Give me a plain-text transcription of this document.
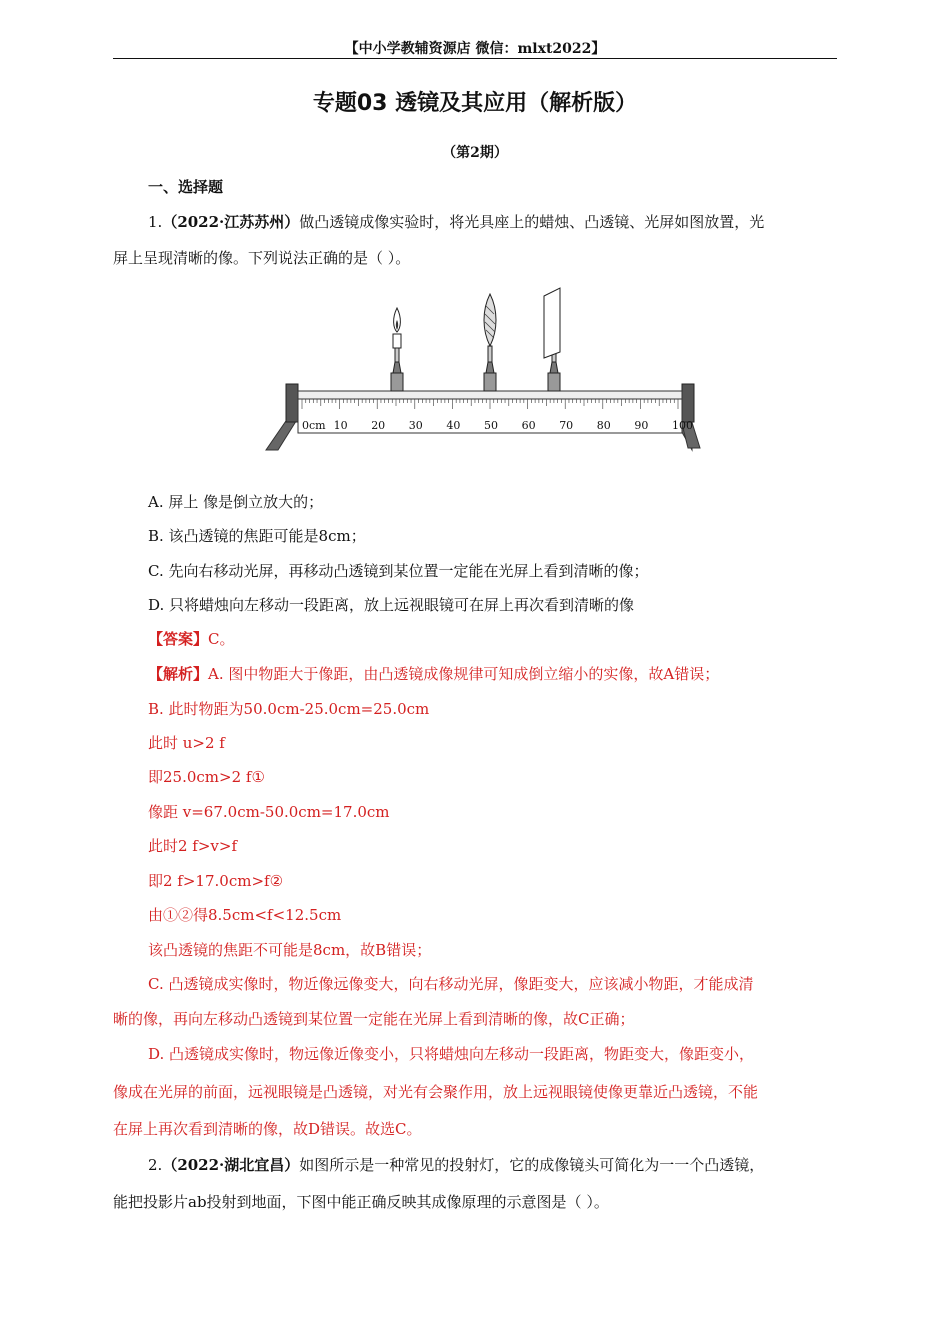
【中小学教辅资源店 微信：mlxt2022】
专题03 透镜及其应用（解析版）
（第2期）
一、选择题
1.（2022·江苏苏州）做凸透镜成像实验时，将光具座上的蜡烛、凸透镜、光屏如图放置，光
屏上呈现清晰的像。下列说法正确的是（ ）。
0cm 10 20 30 40 50 60 70 80 90 100
A. 屏上 像是倒立放大的；
B. 该凸透镜的焦距可能是8cm；
C. 先向右移动光屏，再移动凸透镜到某位置一定能在光屏上看到清晰的像；
D. 只将蜡烛向左移动一段距离，放上远视眼镜可在屏上再次看到清晰的像
【答案】C。
【解析】A. 图中物距大于像距，由凸透镜成像规律可知成倒立缩小的实像，故A错误；
B. 此时物距为50.0cm-25.0cm=25.0cm
此时 u>2 f
即25.0cm>2 f①
像距 v=67.0cm-50.0cm=17.0cm
此时2 f>v>f
即2 f>17.0cm>f②
由①②得8.5cm<f<12.5cm
该凸透镜的焦距不可能是8cm，故B错误；
C. 凸透镜成实像时，物近像远像变大，向右移动光屏，像距变大，应该减小物距，才能成清
晰的像，再向左移动凸透镜到某位置一定能在光屏上看到清晰的像，故C正确；
D. 凸透镜成实像时，物远像近像变小，只将蜡烛向左移动一段距离，物距变大，像距变小，
像成在光屏的前面，远视眼镜是凸透镜，对光有会聚作用，放上远视眼镜使像更靠近凸透镜，不能
在屏上再次看到清晰的像，故D错误。故选C。
2.（2022·湖北宜昌）如图所示是一种常见的投射灯，它的成像镜头可简化为一一个凸透镜，
能把投影片ab投射到地面，下图中能正确反映其成像原理的示意图是（ ）。
